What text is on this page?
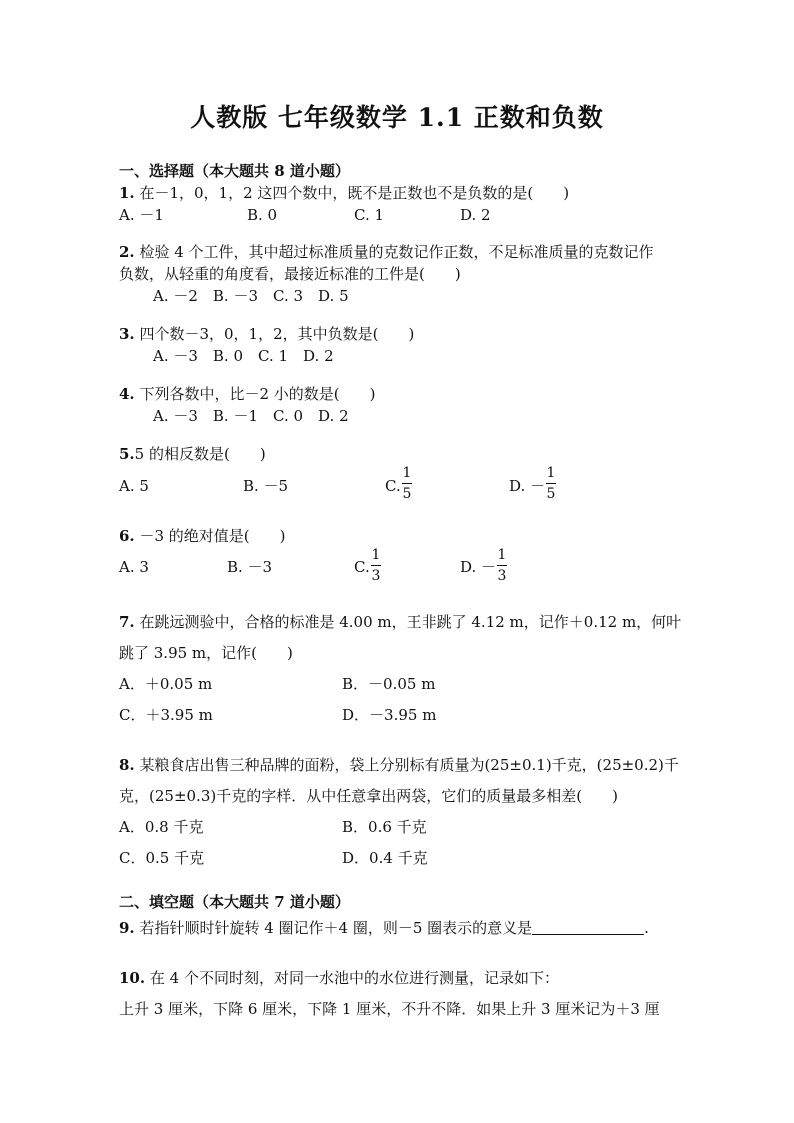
人教版 七年级数学 1.1 正数和负数
一、选择题（本大题共 8 道小题）
1. 在－1，0，1，2 这四个数中，既不是正数也不是负数的是(　　)
A. －1	B. 0	C. 1	D. 2
2. 检验 4 个工件，其中超过标准质量的克数记作正数，不足标准质量的克数记作
负数，从轻重的角度看，最接近标准的工件是(　　)
A. －2　B. －3　C. 3　D. 5
3. 四个数－3，0，1，2，其中负数是(　　)
A. －3　B. 0　C. 1　D. 2
4. 下列各数中，比－2 小的数是(　　)
A. －3　B. －1　C. 0　D. 2
5.5 的相反数是(　　)
A. 5	B. －5	C.
1
5	D. －
1
5
6. －3 的绝对值是(　　)
A. 3	B. －3	C.
1
3	D. －
1
3
7. 在跳远测验中，合格的标准是 4.00 m，王非跳了 4.12 m，记作＋0.12 m，何叶
跳了 3.95 m，记作(　　)
A．＋0.05 m	B．－0.05 m
C．＋3.95 m	D．－3.95 m
8. 某粮食店出售三种品牌的面粉，袋上分别标有质量为(25±0.1)千克，(25±0.2)千
克，(25±0.3)千克的字样．从中任意拿出两袋，它们的质量最多相差(　　)
A．0.8 千克	B．0.6 千克
C．0.5 千克	D．0.4 千克
二、填空题（本大题共 7 道小题）
9. 若指针顺时针旋转 4 圈记作＋4 圈，则－5 圈表示的意义是	.
10. 在 4 个不同时刻，对同一水池中的水位进行测量，记录如下：
上升 3 厘米，下降 6 厘米，下降 1 厘米，不升不降．如果上升 3 厘米记为＋3 厘
